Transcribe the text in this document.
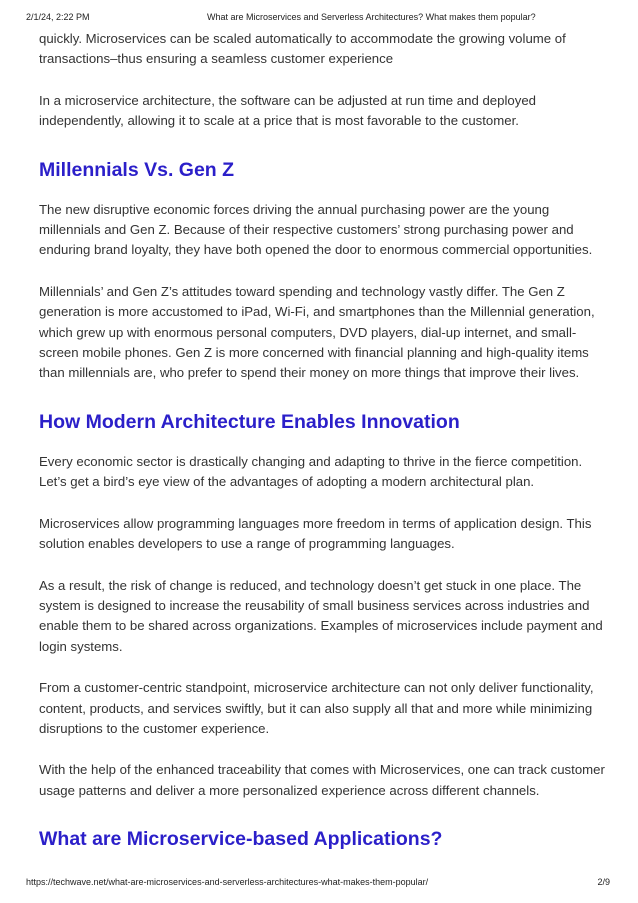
2/1/24, 2:22 PM	What are Microservices and Serverless Architectures? What makes them popular?

quickly. Microservices can be scaled automatically to accommodate the growing volume of transactions–thus ensuring a seamless customer experience

In a microservice architecture, the software can be adjusted at run time and deployed independently, allowing it to scale at a price that is most favorable to the customer.

Millennials Vs. Gen Z

The new disruptive economic forces driving the annual purchasing power are the young millennials and Gen Z. Because of their respective customers’ strong purchasing power and enduring brand loyalty, they have both opened the door to enormous commercial opportunities.

Millennials’ and Gen Z’s attitudes toward spending and technology vastly differ. The Gen Z generation is more accustomed to iPad, Wi-Fi, and smartphones than the Millennial generation, which grew up with enormous personal computers, DVD players, dial-up internet, and small-screen mobile phones. Gen Z is more concerned with financial planning and high-quality items than millennials are, who prefer to spend their money on more things that improve their lives.

How Modern Architecture Enables Innovation

Every economic sector is drastically changing and adapting to thrive in the fierce competition. Let’s get a bird’s eye view of the advantages of adopting a modern architectural plan.

Microservices allow programming languages more freedom in terms of application design. This solution enables developers to use a range of programming languages.

As a result, the risk of change is reduced, and technology doesn’t get stuck in one place. The system is designed to increase the reusability of small business services across industries and enable them to be shared across organizations. Examples of microservices include payment and login systems.

From a customer-centric standpoint, microservice architecture can not only deliver functionality, content, products, and services swiftly, but it can also supply all that and more while minimizing disruptions to the customer experience.

With the help of the enhanced traceability that comes with Microservices, one can track customer usage patterns and deliver a more personalized experience across different channels.

What are Microservice-based Applications?
https://techwave.net/what-are-microservices-and-serverless-architectures-what-makes-them-popular/	2/9
